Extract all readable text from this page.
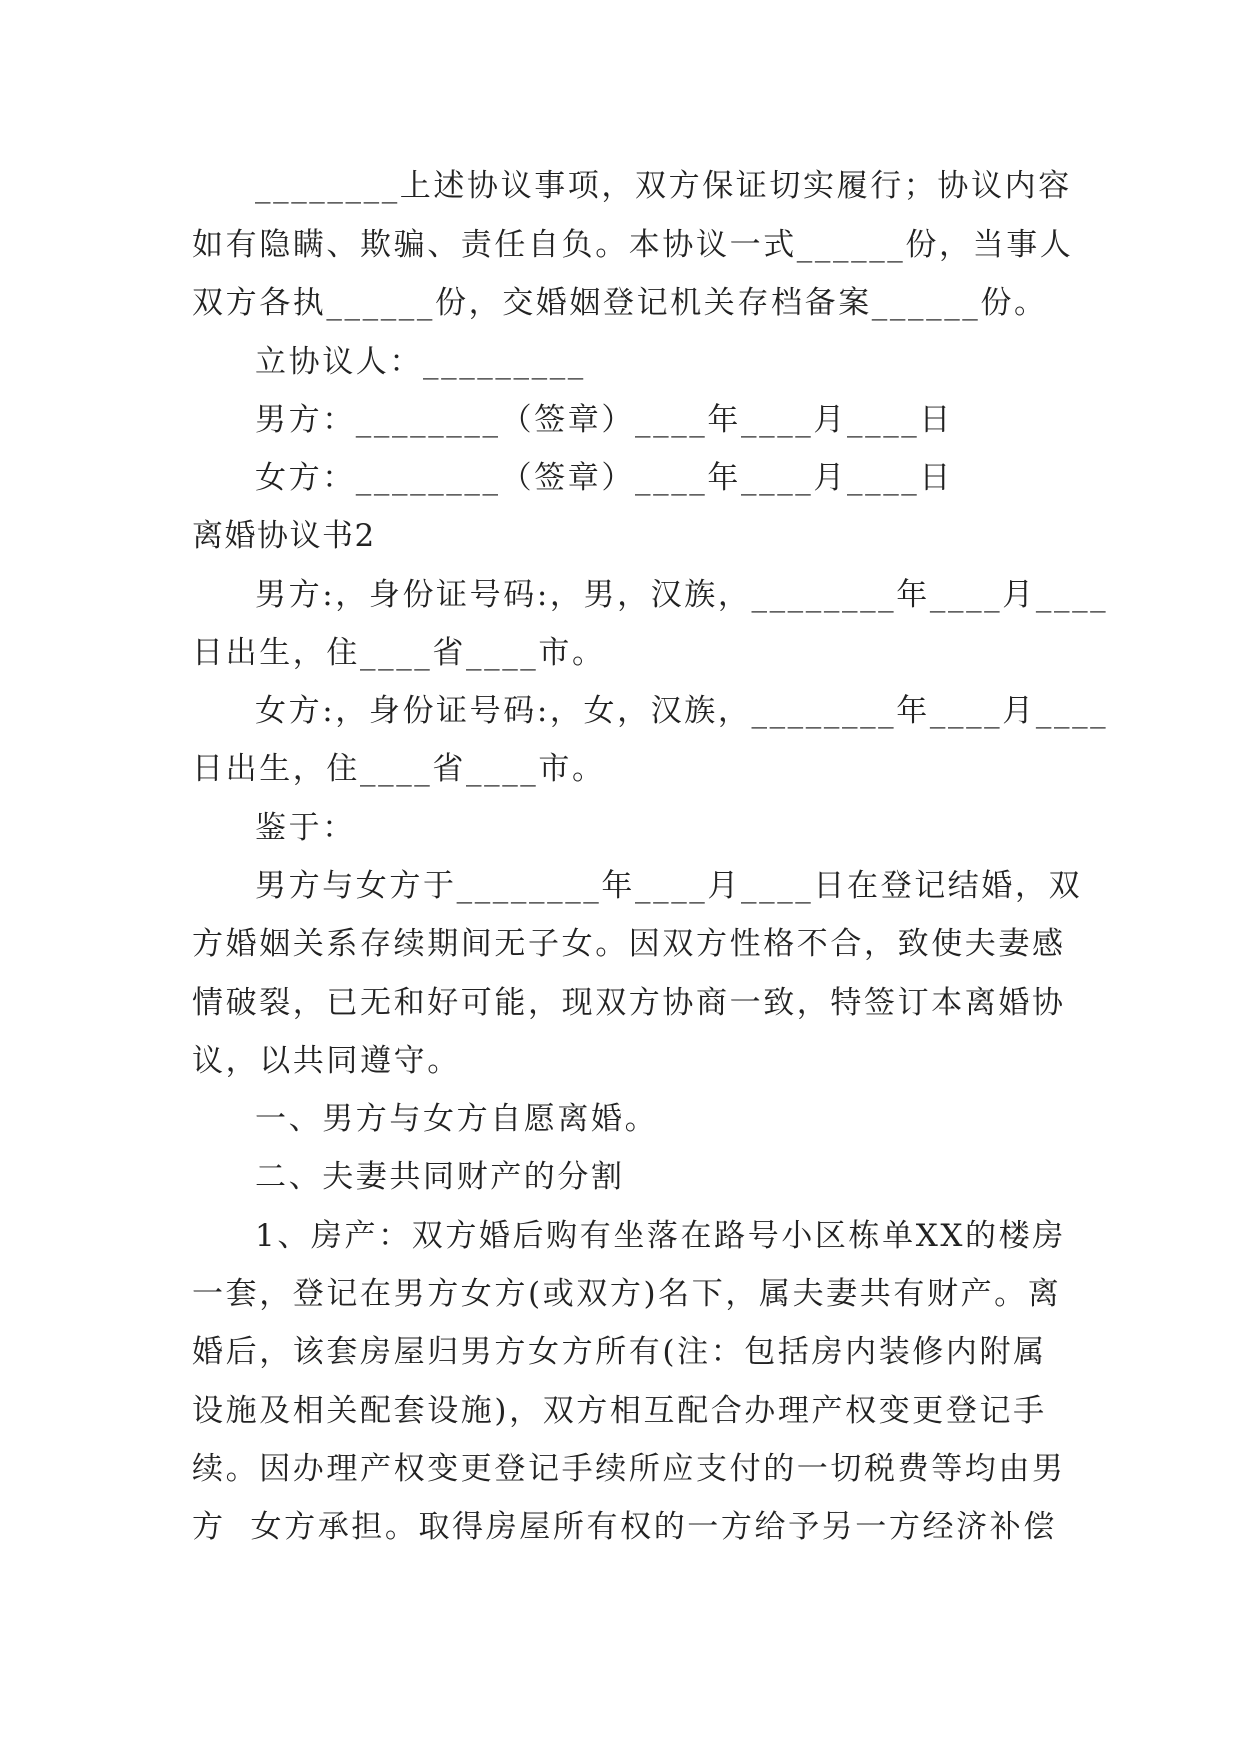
________上述协议事项，双方保证切实履行；协议内容
如有隐瞒、欺骗、责任自负。本协议一式______份，当事人
双方各执______份，交婚姻登记机关存档备案______份。
立协议人：_________
男方：________（签章）____年____月____日
女方：________（签章）____年____月____日
离婚协议书2
男方:，身份证号码:，男，汉族，________年____月____
日出生，住____省____市。
女方:，身份证号码:，女，汉族，________年____月____
日出生，住____省____市。
鉴于：
男方与女方于________年____月____日在登记结婚，双
方婚姻关系存续期间无子女。因双方性格不合，致使夫妻感
情破裂，已无和好可能，现双方协商一致，特签订本离婚协
议，以共同遵守。
一、男方与女方自愿离婚。
二、夫妻共同财产的分割
1、房产：双方婚后购有坐落在路号小区栋单XX的楼房
一套，登记在男方女方(或双方)名下，属夫妻共有财产。离
婚后，该套房屋归男方女方所有(注：包括房内装修内附属
设施及相关配套设施)，双方相互配合办理产权变更登记手
续。因办理产权变更登记手续所应支付的一切税费等均由男
方  女方承担。取得房屋所有权的一方给予另一方经济补偿
